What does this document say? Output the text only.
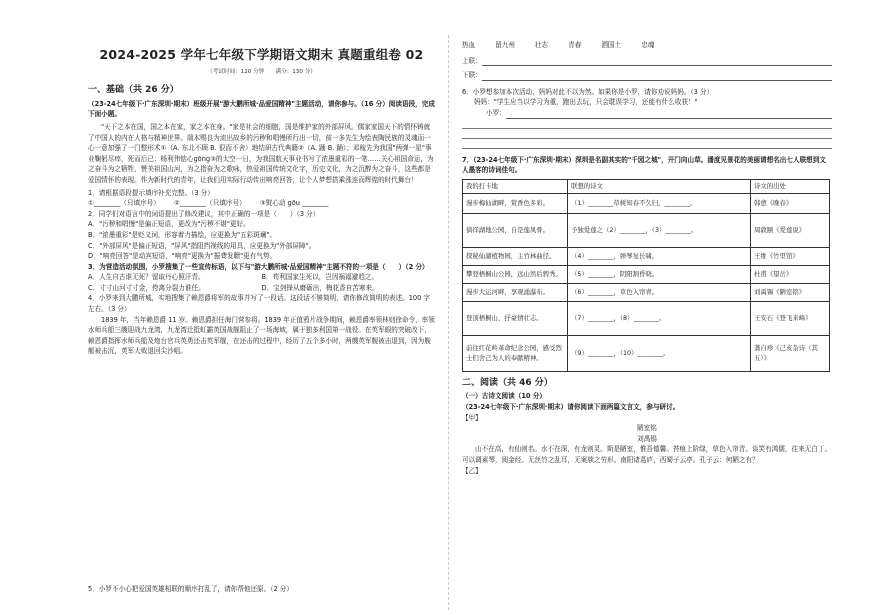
2024-2025 学年七年级下学期语文期末 真题重组卷 02
（考试时间：120 分钟　　满分：130 分）
一、基础（共 26 分）

（23-24七年级下·广东深圳·期末）班级开展"游大鹏所城·品爱国精神"主题活动，请你参与。（16 分）阅读语段，完成下面小题。

"天下之本在国，国之本在家，家之本在身。"家是社会的细胞，国是维护家的外部屏风。儒家家国天下的情怀铸就了中国人的内在人格与精神世界。端木赐良为流出故乡的污秽和唱慢所行出一切，前一多先生为绘表陶民族的灵魂而一心一意加强了一门整形术①（A. 东北不顾 B. 很而不舍）地结研古代典籍②（A. 踊 B. 踊）；邓稼先为我国"两弹一星"事业鞠躬尽瘁，死而后已；杨利伟惦心ɡōnɡ③的太空一日，为我国航天事业书写了浓墨重彩的一笔……关心祖国命运，为之奋斗为之牺牲，赞美祖国山河，为之指奋为之歌咏，热爱祖国传统文化字，历史文化，为之沉醉为之奋斗，这些都是爱国情怀的表现。作为新时代的青年，让我们用实际行动传出响亮回答，让个人梦想搭乘涨连而辉煌的时代舞台！

1．请根据语段提示填序补充完整。（3 分）

①________（只填序号） ②________（只填序号） ③熨心动 ɡōu ________

2．同学们对语言中的词语提出了修改建议，其中正确的一项是（　　）（3 分）

A．"污秽和唱慢"是偏正短语，更改为"污秽不堪"更好。

B．"浓墨重彩"是贬义词，形容着力描绘，应更换为"五彩斑斓"。

C．"外部屏风"是偏正短语，"屏风"指阻挡视线的用具，应更换为"外部屏障"。

D．"响亮回答"是动宾短语，"响亮"更换为"振聋发聩"更有气势。

3．为营造活动氛围，小罗搜集了一些宣传标语，以下与"游大鹏所城·品爱国精神"主题不符的一项是（　　）（2 分）

A．人生自古谁无死？留取丹心照汗青。	B．苟利国家生死以，岂因祸福避趋之。
C．寸寸山河寸寸金，侉离分裂力谁任。	D．宝剑锋从磨砺出，梅花香自苦寒来。

4．小罗来到大鹏所城，实地搜集了赖恩爵将军的故事并写了一段话。这段话不够简明，请你修改简明的表述。100 字左右。（3 分）

1839 年，当年赖恩爵 11 岁。赖恩爵担任海门营参将。1839 年正值鸦片战争期间，赖恩爵率领林则徐命令，率领水师兵船三艘迎战九龙湾，九龙湾迁抵虹霸英国战舰阻止了一场海域，属于独多利国第一战役。在英军眼的突破改下，赖恩爵指挥水师兵船及炮台官兵英勇还击英军舰，在还击的过程中，经历了五个多小时，两艘英军舰被击退到，因为舰艇被击沉，英军大败退回尖沙咀。

5．小罗不小心把爱国英雄相联的顺序打乱了，请你帮他还原。（2 分）

热血	留九州	壮志	青春	洒国土	忠魂
上联：
下联：

6．小罗想参加本次活动，妈妈对此不以为然。如果你是小罗，请你劝说妈妈。（3 分）

妈妈："学生应当以学习为重，跑出去玩，只会耽误学习，还能有什么收获！"

小罗：

7．（23-24七年级下·广东深圳·期末）深圳是名副其实的"千园之城"，开门向山草。潘度见景花的美丽请想名出七人联想到文人墨客的诗词佳句。

我的打卡地	联想的诗文	诗文的出处
漫步梅仙湖畔，赏香色多彩。	（1）________草树知春不久归，________。	韩愈《晚春》
徜徉湖地公园，自是莲凤骨。	予独爱莲之（2）________，（3）________。	周敦颐《爱莲说》
探秘仙湖植物园，主竹林曲径。	（4）________，弹琴复长啸。	王维《竹里馆》
攀登梧桐山公园，远山然后骋秀。	（5）________，阴阳割昏晓。	杜甫《望岳》
漫步大运河畔，享观涌瀑布。	（6）________，草色入帘青。	刘禹锡《陋室铭》
登顶梧桐山，抒豪情壮志。	（7）________，（8）________。	王安石《登飞来峰》
前往红花岭革命纪念公园，感受烈士们舍己为人的奉献精神。	（9）________，（10）________。	龚自珍《己亥杂诗（其五）》
二、阅读（共 46 分）

（一）古诗文阅读（10 分）

（23-24七年级下·广东深圳·期末）请你阅读下面两篇文言文，参与研讨。

【甲】

陋室铭

刘禹锡

山不在高，有仙则名。水不在深，有龙则灵。斯是陋室，惟吾德馨。苔痕上阶绿，草色入帘青。谈笑有鸿儒，往来无白丁。可以调素琴，阅金经。无丝竹之乱耳，无案牍之劳形。南阳诸葛庐，西蜀子云亭。孔子云：何陋之有？

【乙】
